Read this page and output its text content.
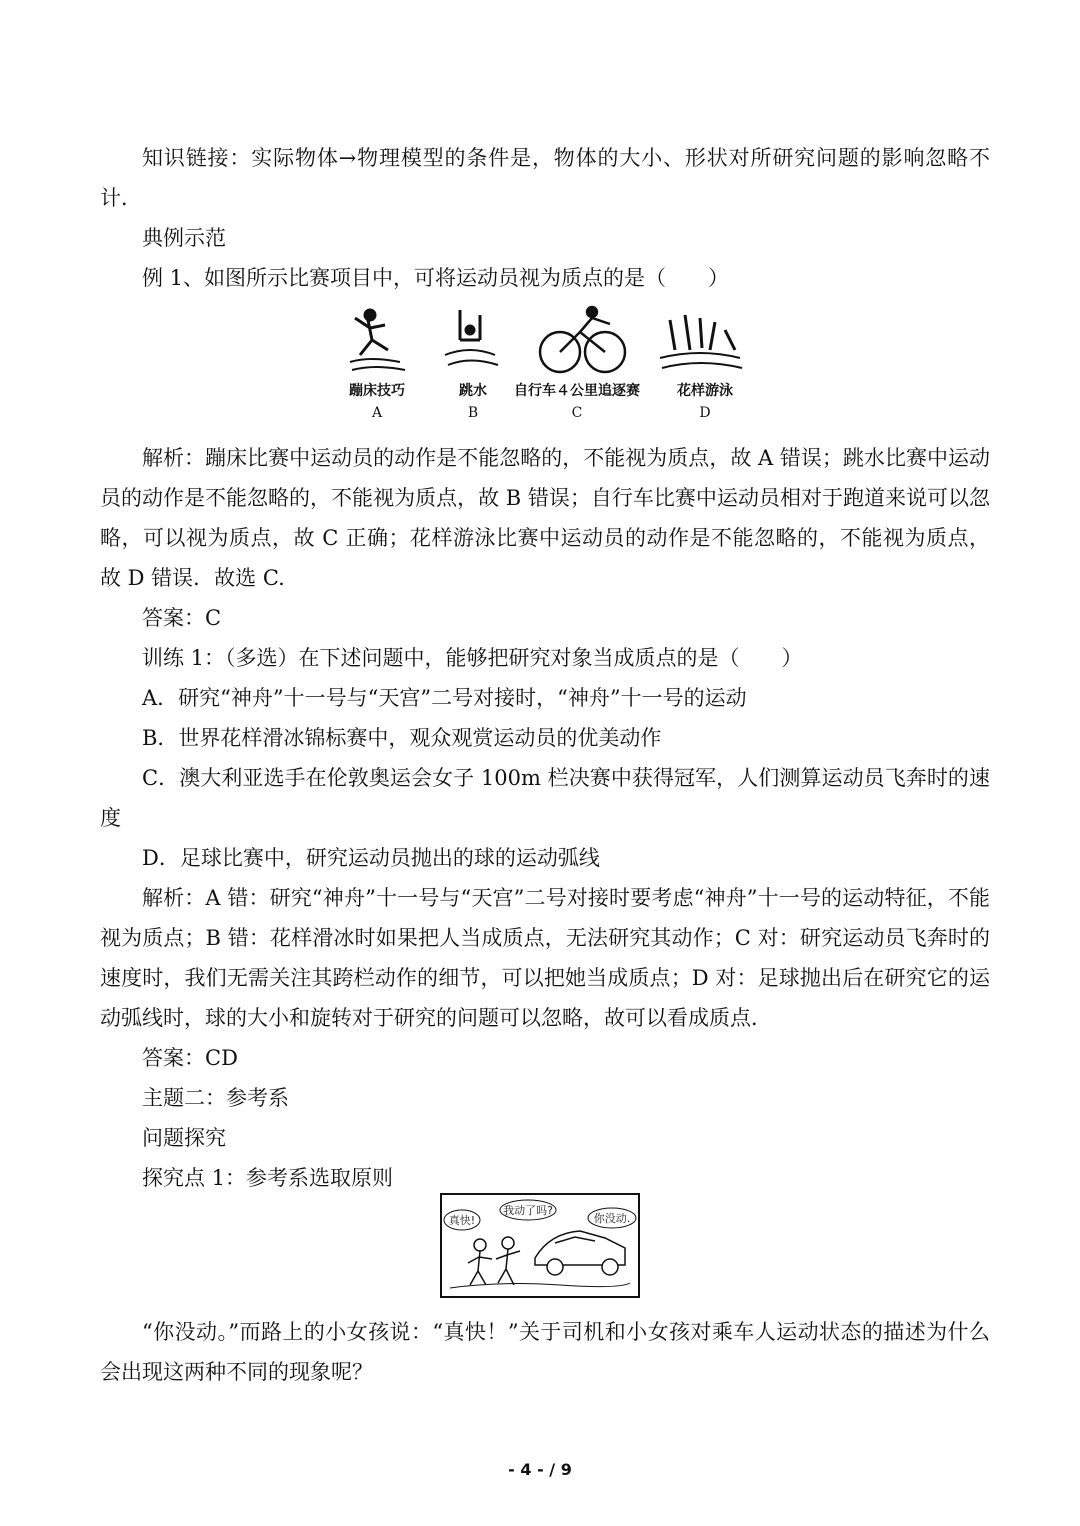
知识链接：实际物体→物理模型的条件是，物体的大小、形状对所研究问题的影响忽略不计．

典例示范

例 1、如图所示比赛项目中，可将运动员视为质点的是（　　）

蹦床技巧	跳水	自行车４公里追逐赛	花样游泳
A	B	C	D

解析：蹦床比赛中运动员的动作是不能忽略的，不能视为质点，故 A 错误；跳水比赛中运动员的动作是不能忽略的，不能视为质点，故 B 错误；自行车比赛中运动员相对于跑道来说可以忽略，可以视为质点，故 C 正确；花样游泳比赛中运动员的动作是不能忽略的，不能视为质点，故 D 错误．故选 C.

答案：C

训练 1：（多选）在下述问题中，能够把研究对象当成质点的是（　　）

A．研究“神舟”十一号与“天宫”二号对接时，“神舟”十一号的运动

B．世界花样滑冰锦标赛中，观众观赏运动员的优美动作

C．澳大利亚选手在伦敦奥运会女子 100m 栏决赛中获得冠军，人们测算运动员飞奔时的速度

D．足球比赛中，研究运动员抛出的球的运动弧线

解析：A 错：研究“神舟”十一号与“天宫”二号对接时要考虑“神舟”十一号的运动特征，不能视为质点；B 错：花样滑冰时如果把人当成质点，无法研究其动作；C 对：研究运动员飞奔时的速度时，我们无需关注其跨栏动作的细节，可以把她当成质点；D 对：足球抛出后在研究它的运动弧线时，球的大小和旋转对于研究的问题可以忽略，故可以看成质点．

答案：CD

主题二：参考系

问题探究

探究点 1：参考系选取原则

真快!
我动了吗?
你没动.

“你没动。”而路上的小女孩说：“真快！”关于司机和小女孩对乘车人运动状态的描述为什么会出现这两种不同的现象呢？

- 4 - / 9
